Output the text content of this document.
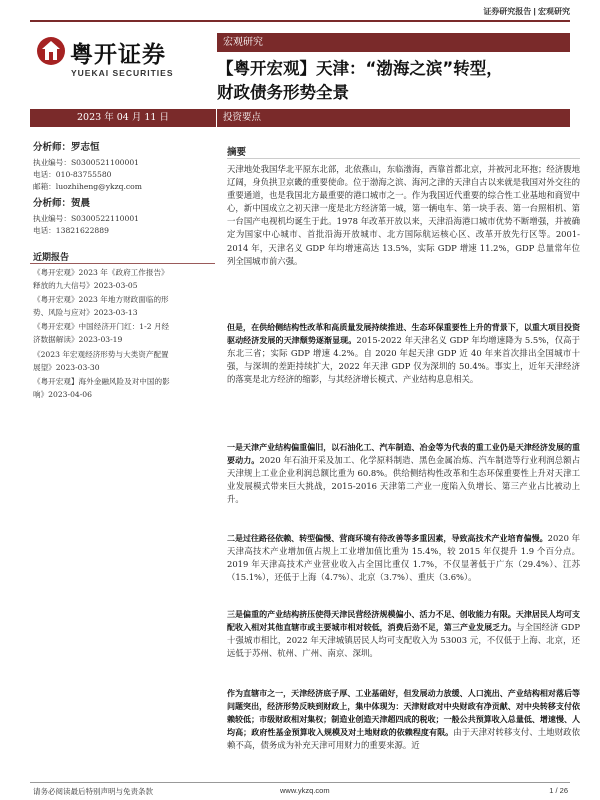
证券研究报告 | 宏观研究
粤开证券
YUEKAI SECURITIES
宏观研究
【粤开宏观】天津：“渤海之滨”转型，
财政债务形势全景
2023 年 04 月 11 日	投资要点
分析师：罗志恒
执业编号：S0300521100001
电话：010-83755580
邮箱：luozhiheng@ykzq.com
分析师：贺晨
执业编号：S0300522110001
电话：13821622889
近期报告
《粤开宏观》2023 年《政府工作报告》
释放的九大信号》2023-03-05
《粤开宏观》2023 年地方财政面临的形
势、风险与应对》2023-03-13
《粤开宏观》中国经济开门红：1-2 月经
济数据解读》2023-03-19
《2023 年宏观经济形势与大类资产配置
展望》2023-03-30
《粤开宏观】海外金融风险及对中国的影
响》2023-04-06
摘要

天津地处我国华北平原东北部，北依燕山，东临渤海，西靠首都北京，并被河北环抱；经济腹地辽阔，身负拱卫京畿的重要使命。位于渤海之滨、海河之津的天津自古以来就是我国对外交往的重要通道，也是我国北方最重要的港口城市之一。作为我国近代重要的综合性工业基地和商贸中心，新中国成立之初天津一度是北方经济第一城，第一辆电车、第一块手表、第一台照相机、第一台国产电视机均诞生于此。1978 年改革开放以来，天津沿海港口城市优势不断增强，并被确定为国家中心城市、首批沿海开放城市、北方国际航运核心区、改革开放先行区等。2001-2014 年，天津名义 GDP 年均增速高达 13.5%，实际 GDP 增速 11.2%，GDP 总量常年位列全国城市前六强。

但是，在供给侧结构性改革和高质量发展持续推进、生态环保重要性上升的背景下，以重大项目投资驱动经济发展的天津颓势逐渐显现。2015-2022 年天津名义 GDP 年均增速降为 5.5%，仅高于东北三省；实际 GDP 增速 4.2%。自 2020 年起天津 GDP 近 40 年来首次排出全国城市十强，与深圳的差距持续扩大，2022 年天津 GDP 仅为深圳的 50.4%。事实上，近年天津经济的落寞是北方经济的缩影，与其经济增长模式、产业结构息息相关。

一是天津产业结构偏重偏旧，以石油化工、汽车制造、冶金等为代表的重工业仍是天津经济发展的重要动力。2020 年石油开采及加工、化学原料制造、黑色金属冶炼、汽车制造等行业利润总额占天津规上工业企业利润总额比重为 60.8%。供给侧结构性改革和生态环保重要性上升对天津工业发展模式带来巨大挑战，2015-2016 天津第二产业一度陷入负增长、第三产业占比被动上升。

二是过往路径依赖、转型偏慢、营商环境有待改善等多重因素，导致高技术产业培育偏慢。2020 年天津高技术产业增加值占规上工业增加值比重为 15.4%，较 2015 年仅提升 1.9 个百分点。2019 年天津高技术产业营业收入占全国比重仅 1.7%，不仅显著低于广东（29.4%）、江苏（15.1%），还低于上海（4.7%）、北京（3.7%）、重庆（3.6%）。

三是偏重的产业结构挤压使得天津民营经济规模偏小、活力不足、创收能力有限。天津居民人均可支配收入相对其他直辖市或主要城市相对较低，消费后劲不足，第三产业发展乏力。与全国经济 GDP 十强城市相比，2022 年天津城镇居民人均可支配收入为 53003 元，不仅低于上海、北京，还远低于苏州、杭州、广州、南京、深圳。

作为直辖市之一，天津经济底子厚、工业基础好，但发展动力放缓、人口流出、产业结构相对落后等问题突出，经济形势反映到财政上，集中体现为：天津财政对中央财政有净贡献、对中央转移支付依赖较低；市级财政相对集权；制造业创造天津超四成的税收；一般公共预算收入总量低、增速慢、人均高；政府性基金预算收入规模及对土地财政的依赖程度有限。由于天津对转移支付、土地财政依赖不高，债务成为补充天津可用财力的重要来源。近

请务必阅读最后特别声明与免责条款	www.ykzq.com	1 / 26
